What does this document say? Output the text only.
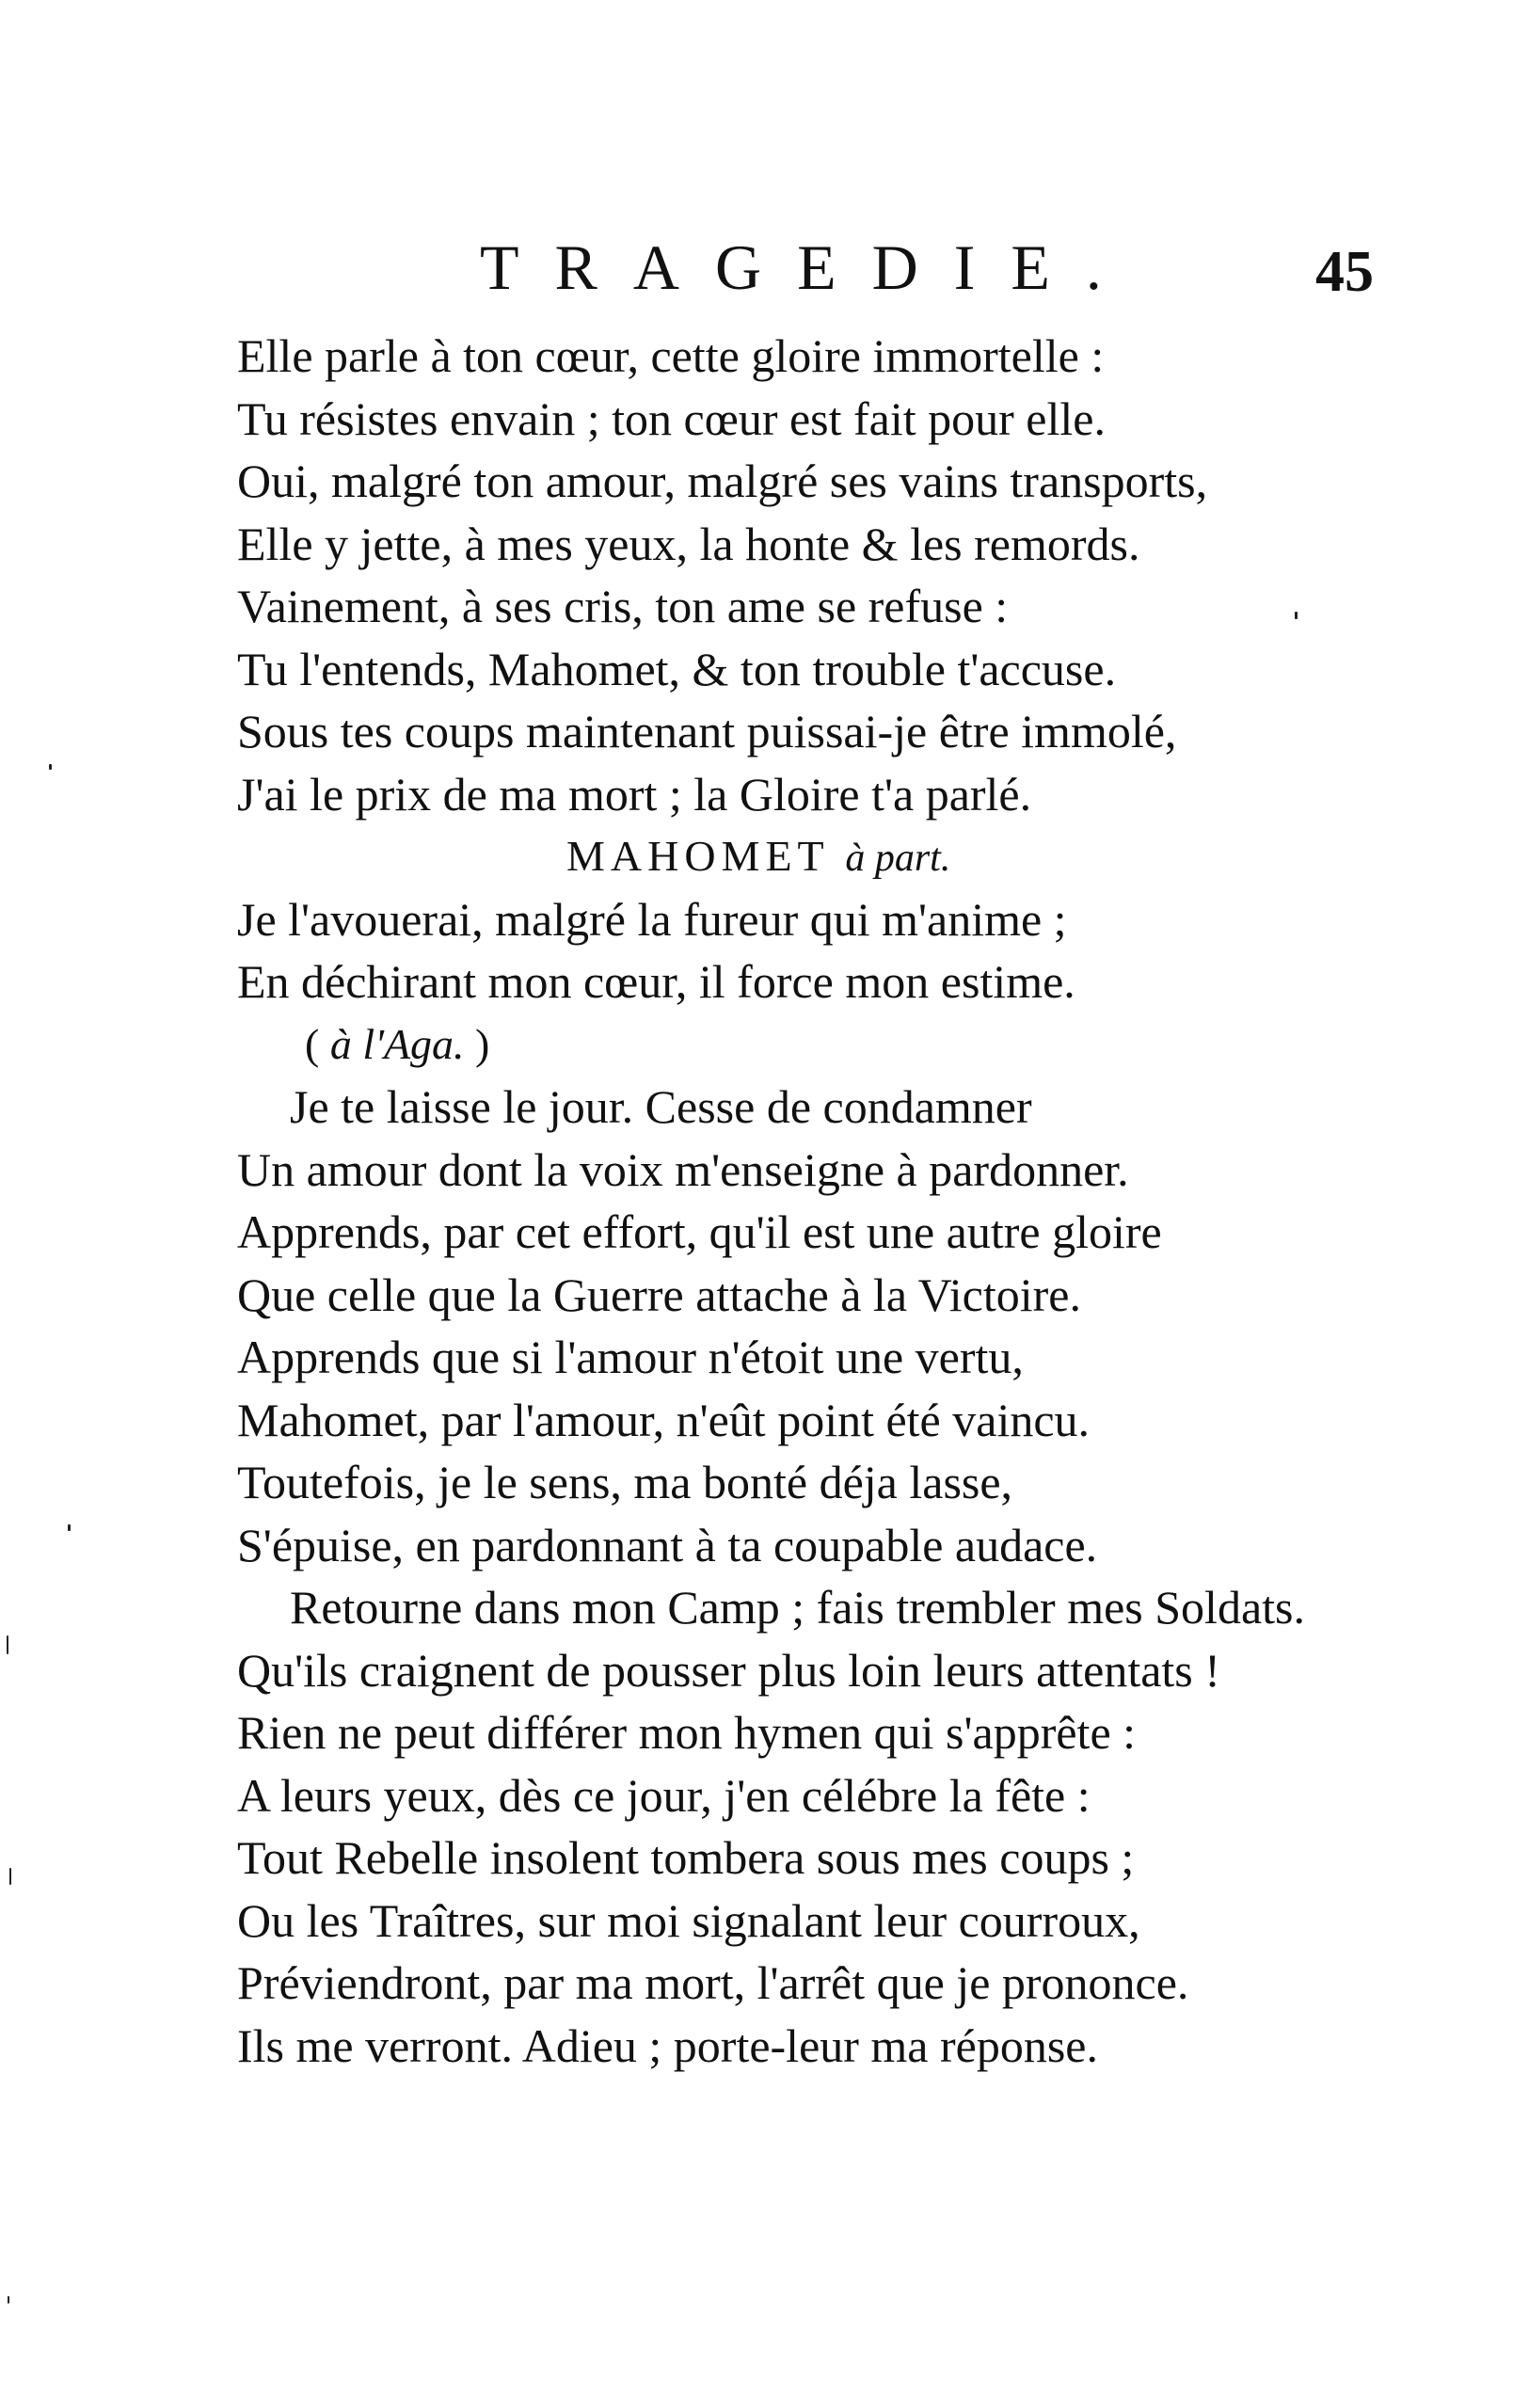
TRAGEDIE.	45
Elle parle à ton cœur, cette gloire immortelle :
Tu résistes envain ; ton cœur est fait pour elle.
Oui, malgré ton amour, malgré ses vains transports,
Elle y jette, à mes yeux, la honte & les remords.
Vainement, à ses cris, ton ame se refuse :
Tu l'entends, Mahomet, & ton trouble t'accuse.
Sous tes coups maintenant puissai-je être immolé,
J'ai le prix de ma mort ; la Gloire t'a parlé.
MAHOMET à part.
Je l'avouerai, malgré la fureur qui m'anime ;
En déchirant mon cœur, il force mon estime.
( à l'Aga. )
Je te laisse le jour. Cesse de condamner
Un amour dont la voix m'enseigne à pardonner.
Apprends, par cet effort, qu'il est une autre gloire
Que celle que la Guerre attache à la Victoire.
Apprends que si l'amour n'étoit une vertu,
Mahomet, par l'amour, n'eût point été vaincu.
Toutefois, je le sens, ma bonté déja lasse,
S'épuise, en pardonnant à ta coupable audace.
Retourne dans mon Camp ; fais trembler mes Soldats.
Qu'ils craignent de pousser plus loin leurs attentats !
Rien ne peut différer mon hymen qui s'apprête :
A leurs yeux, dès ce jour, j'en célébre la fête :
Tout Rebelle insolent tombera sous mes coups ;
Ou les Traîtres, sur moi signalant leur courroux,
Préviendront, par ma mort, l'arrêt que je prononce.
Ils me verront. Adieu ; porte-leur ma réponse.
